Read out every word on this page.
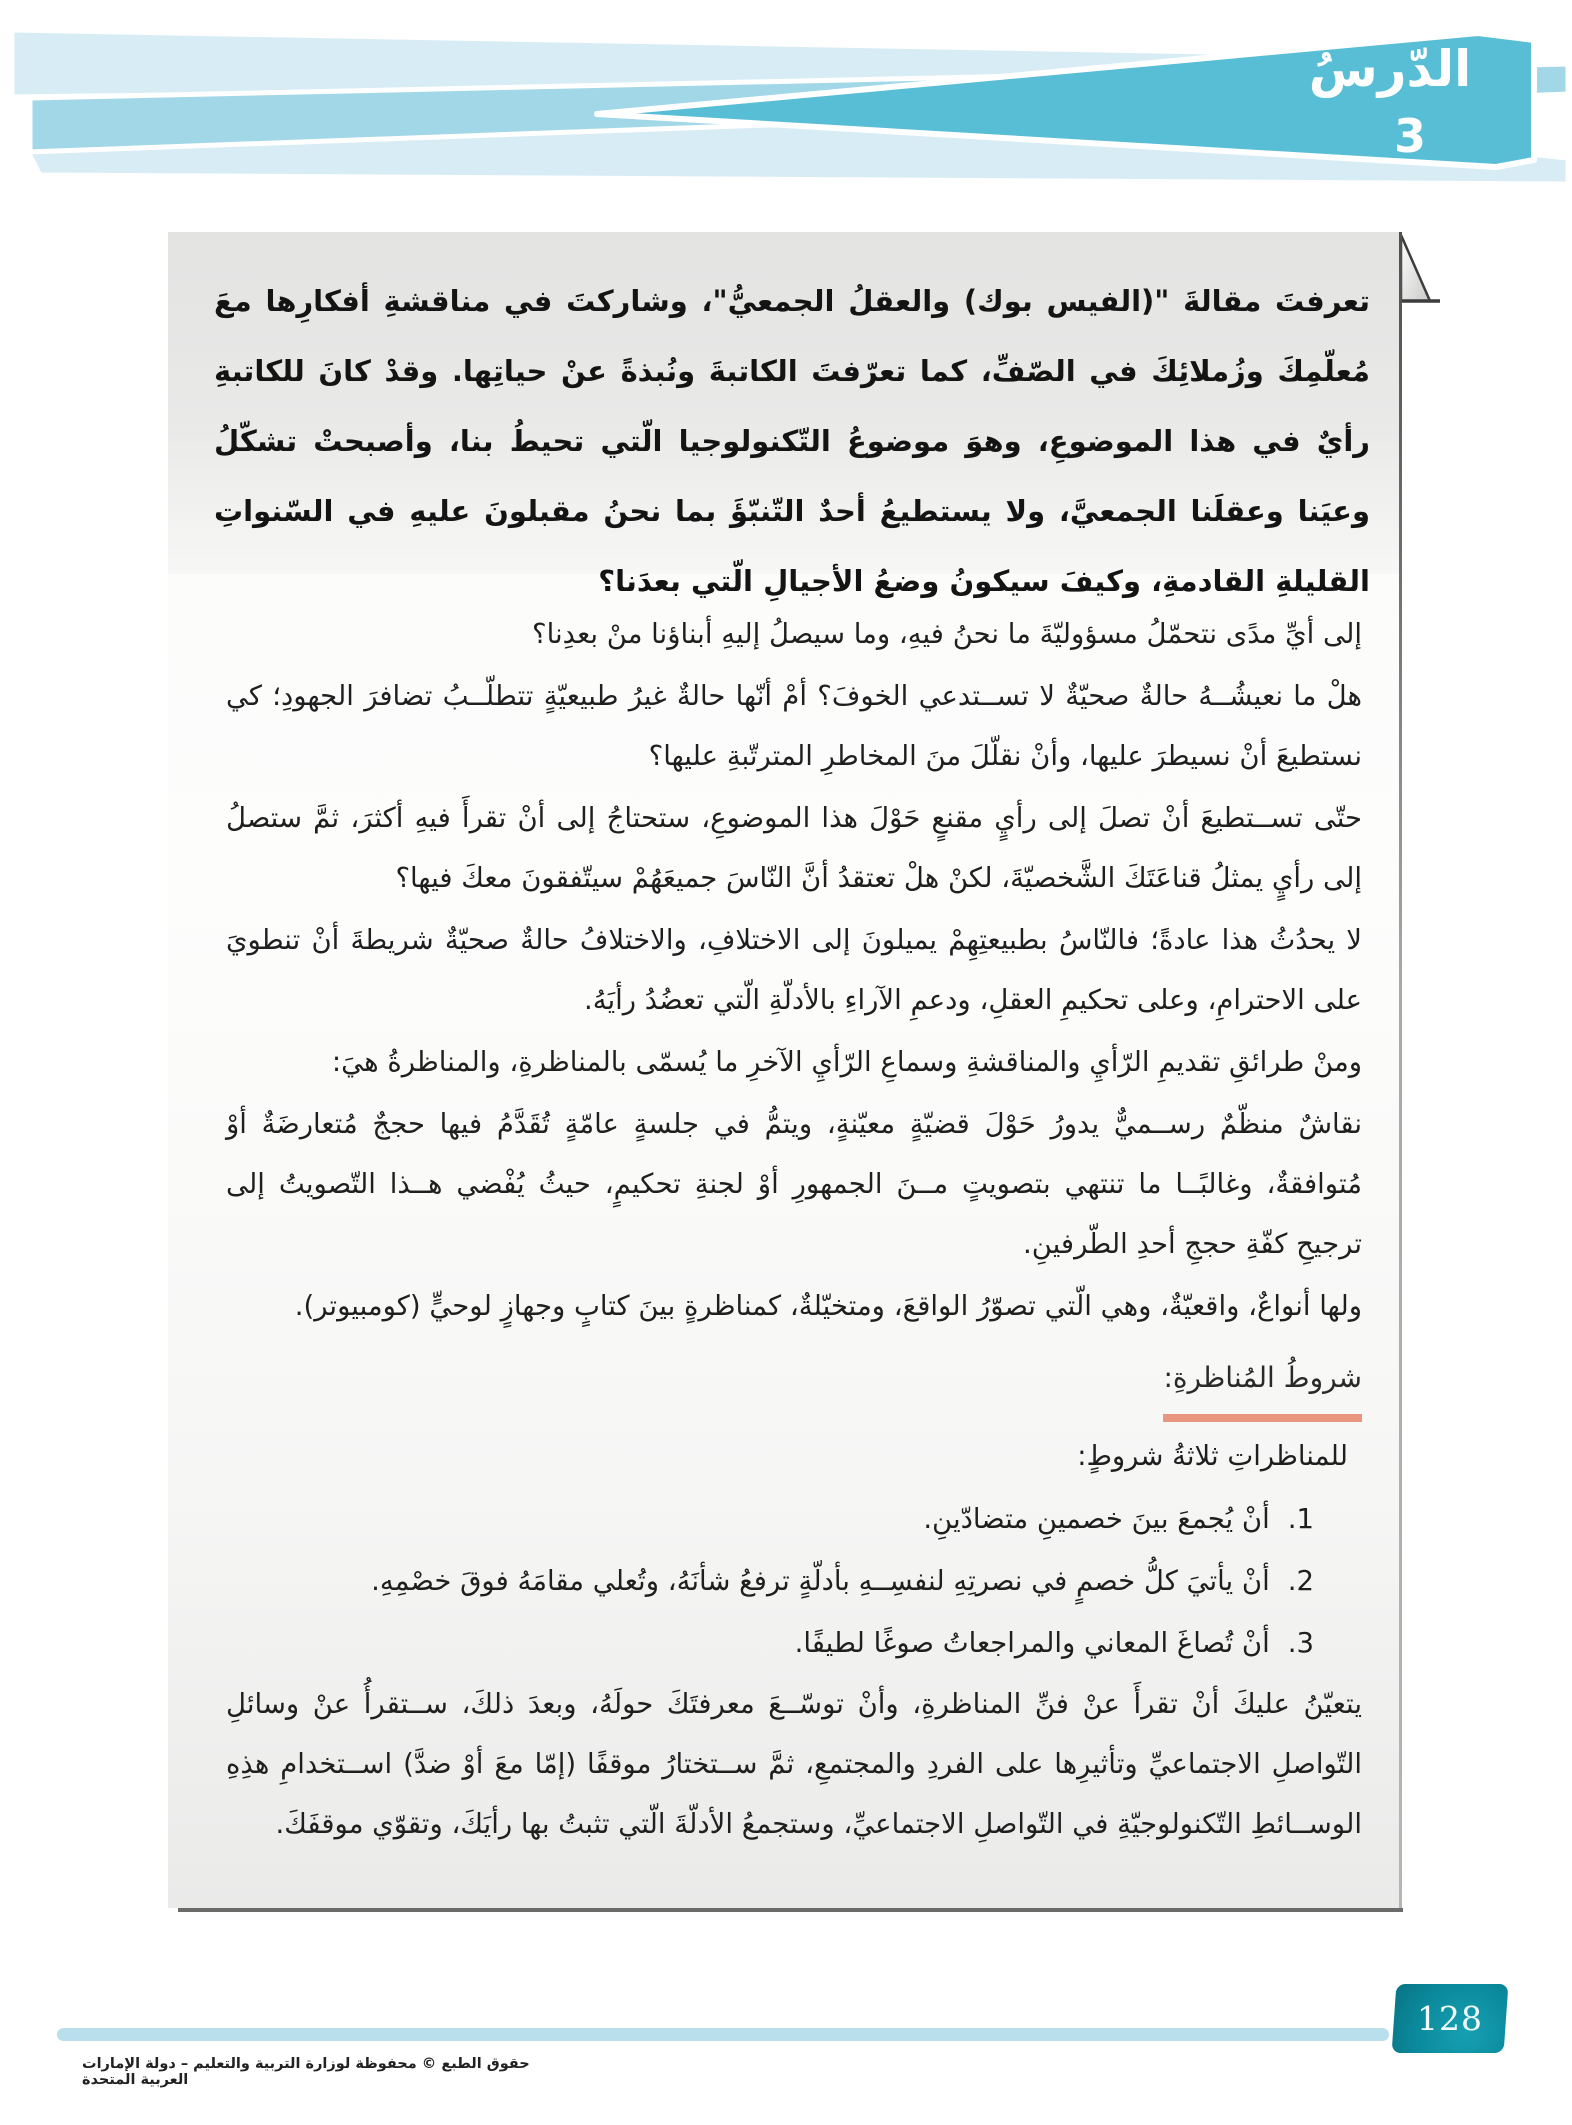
الدّرسُ
3
تعرفتَ مقالةَ "(الفيس بوك) والعقلُ الجمعيُّ"، وشاركتَ في مناقشةِ أفكارِها معَ مُعلّمِكَ وزُملائِكَ في الصّفِّ، كما تعرّفتَ الكاتبةَ ونُبذةً عنْ حياتِها. وقدْ كانَ للكاتبةِ رأيٌ في هذا الموضوعِ، وهوَ موضوعُ التّكنولوجيا الّتي تحيطُ بنا، وأصبحتْ تشكّلُ وعيَنا وعقلَنا الجمعيَّ، ولا يستطيعُ أحدٌ التّنبّؤَ بما نحنُ مقبلونَ عليهِ في السّنواتِ القليلةِ القادمةِ، وكيفَ سيكونُ وضعُ الأجيالِ الّتي بعدَنا؟

إلى أيِّ مدًى نتحمّلُ مسؤوليّةَ ما نحنُ فيهِ، وما سيصلُ إليهِ أبناؤنا منْ بعدِنا؟

هلْ ما نعيشُــهُ حالةٌ صحيّةٌ لا تســتدعي الخوفَ؟ أمْ أنّها حالةٌ غيرُ طبيعيّةٍ تتطلّــبُ تضافرَ الجهودِ؛ كي نستطيعَ أنْ نسيطرَ عليها، وأنْ نقلّلَ منَ المخاطرِ المترتّبةِ عليها؟

حتّى تســتطيعَ أنْ تصلَ إلى رأيٍ مقنعٍ حَوْلَ هذا الموضوعِ، ستحتاجُ إلى أنْ تقرأَ فيهِ أكثرَ، ثمَّ ستصلُ إلى رأيٍ يمثلُ قناعَتَكَ الشَّخصيّةَ، لكنْ هلْ تعتقدُ أنَّ النّاسَ جميعَهُمْ سيتّفقونَ معكَ فيها؟

لا يحدُثُ هذا عادةً؛ فالنّاسُ بطبيعتِهِمْ يميلونَ إلى الاختلافِ، والاختلافُ حالةٌ صحيّةٌ شريطةَ أنْ تنطويَ على الاحترامِ، وعلى تحكيمِ العقلِ، ودعمِ الآراءِ بالأدلّةِ الّتي تعضُدُ رأيَهُ.

ومنْ طرائقِ تقديمِ الرّأيِ والمناقشةِ وسماعِ الرّأيِ الآخرِ ما يُسمّى بالمناظرةِ، والمناظرةُ هيَ:

نقاشٌ منظّمٌ رســميٌّ يدورُ حَوْلَ قضيّةٍ معيّنةٍ، ويتمُّ في جلسةٍ عامّةٍ تُقَدَّمُ فيها حججٌ مُتعارضَةٌ أوْ مُتوافقةٌ، وغالبًــا ما تنتهي بتصويتٍ مــنَ الجمهورِ أوْ لجنةِ تحكيمٍ، حيثُ يُفْضي هــذا التّصويتُ إلى ترجيحِ كفّةِ حججِ أحدِ الطّرفينِ.

ولها أنواعٌ، واقعيّةٌ، وهي الّتي تصوّرُ الواقعَ، ومتخيّلةٌ، كمناظرةٍ بينَ كتابٍ وجهازٍ لوحيٍّ (كومبيوتر).

شروطُ المُناظرةِ:

للمناظراتِ ثلاثةُ شروطٍ:

1.
أنْ يُجمعَ بينَ خصمينِ متضادّينِ.
2.
أنْ يأتيَ كلُّ خصمٍ في نصرتِهِ لنفسِــهِ بأدلّةٍ ترفعُ شأنَهُ، وتُعلي مقامَهُ فوقَ خصْمِهِ.
3.
أنْ تُصاغَ المعاني والمراجعاتُ صوغًا لطيفًا.

يتعيّنُ عليكَ أنْ تقرأَ عنْ فنِّ المناظرةِ، وأنْ توسّــعَ معرفتَكَ حولَهُ، وبعدَ ذلكَ، ســتقرأُ عنْ وسائلِ التّواصلِ الاجتماعيِّ وتأثيرِها على الفردِ والمجتمعِ، ثمَّ ســتختارُ موقفًا (إمّا معَ أوْ ضدَّ) اســتخدامِ هذِهِ الوســائطِ التّكنولوجيّةِ في التّواصلِ الاجتماعيِّ، وستجمعُ الأدلّةَ الّتي تثبتُ بها رأيَكَ، وتقوّي موقفَكَ.

128
حقوق الطبع © محفوظة لوزارة التربية والتعليم – دولة الإمارات العربية المتحدة
